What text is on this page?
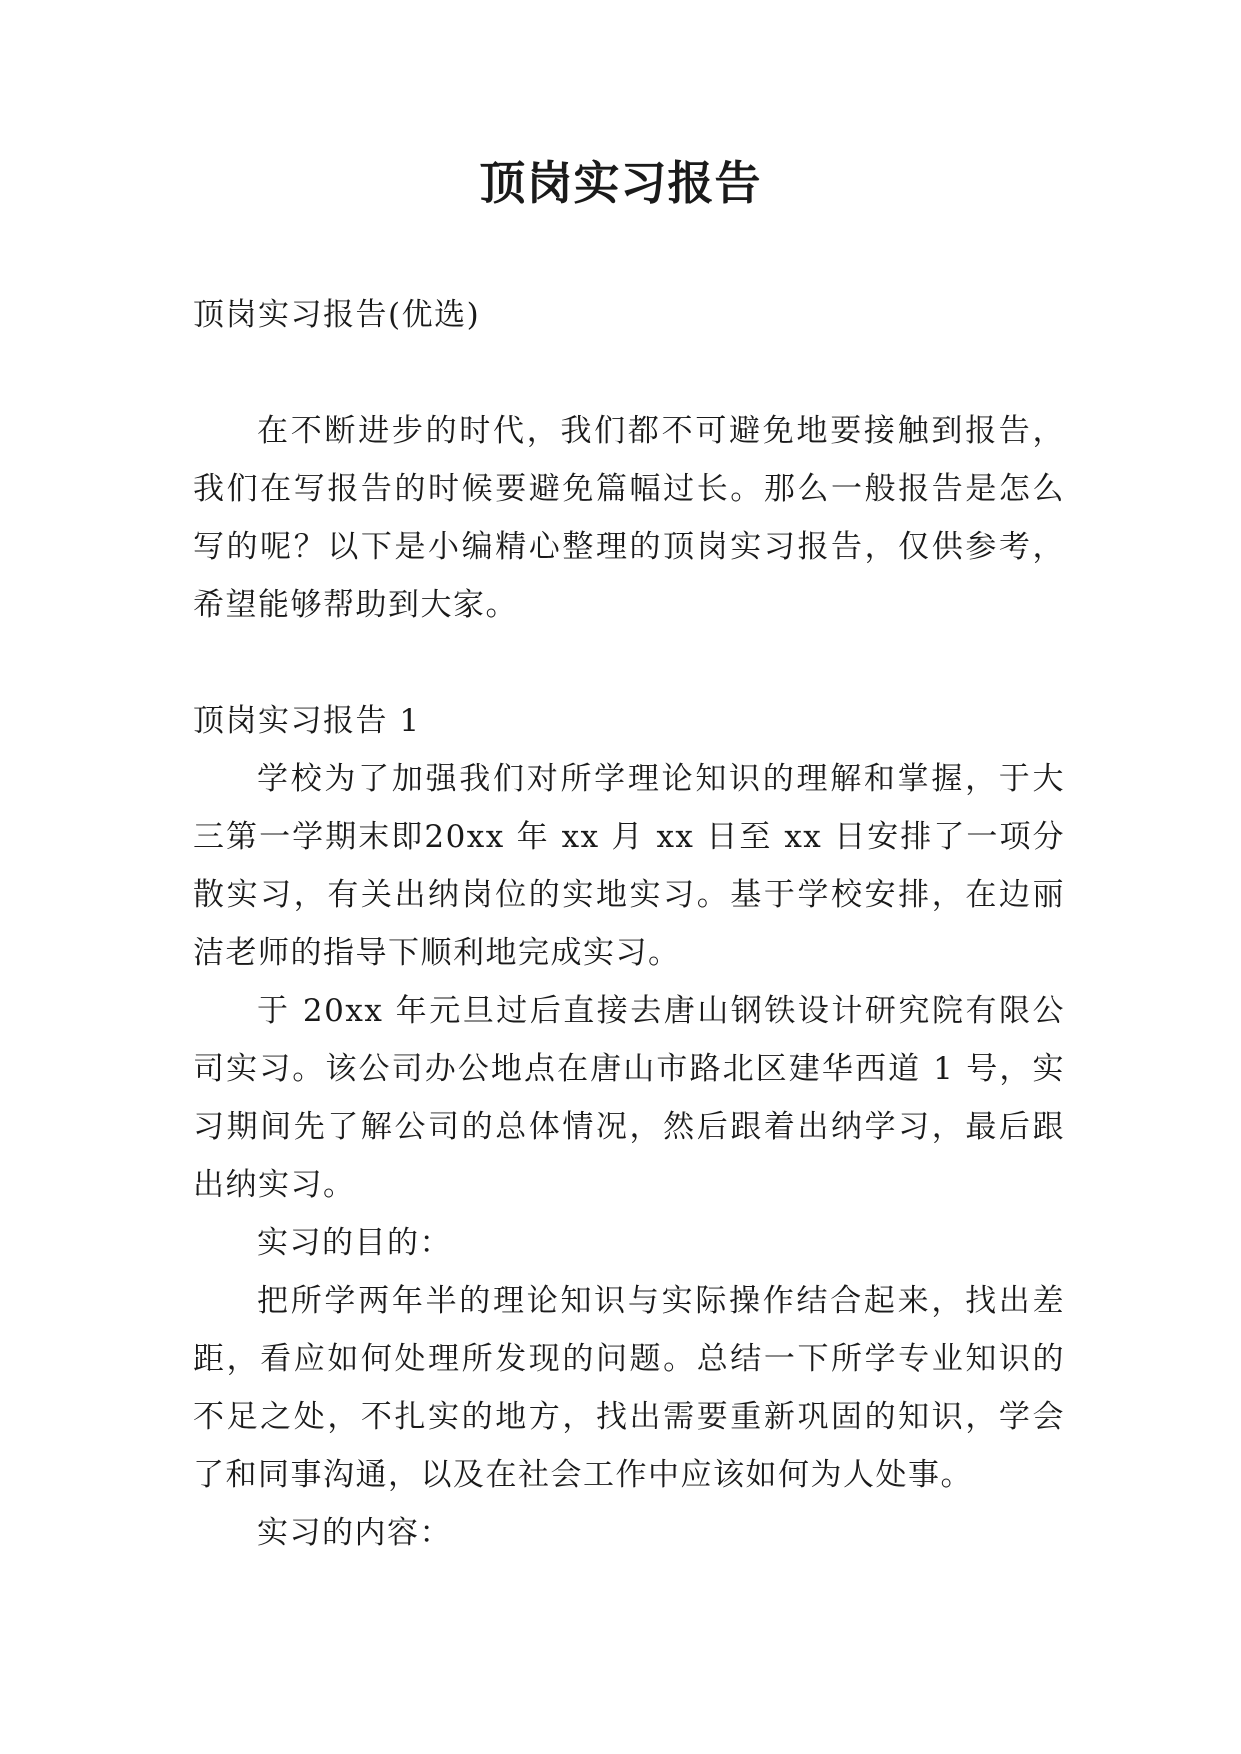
顶岗实习报告

顶岗实习报告(优选)

在不断进步的时代，我们都不可避免地要接触到报告，我们在写报告的时候要避免篇幅过长。那么一般报告是怎么写的呢？以下是小编精心整理的顶岗实习报告，仅供参考，希望能够帮助到大家。

顶岗实习报告 1

学校为了加强我们对所学理论知识的理解和掌握，于大三第一学期末即20xx 年 xx 月 xx 日至 xx 日安排了一项分散实习，有关出纳岗位的实地实习。基于学校安排，在边丽洁老师的指导下顺利地完成实习。

于 20xx 年元旦过后直接去唐山钢铁设计研究院有限公司实习。该公司办公地点在唐山市路北区建华西道 1 号，实习期间先了解公司的总体情况，然后跟着出纳学习，最后跟出纳实习。

实习的目的：

把所学两年半的理论知识与实际操作结合起来，找出差距，看应如何处理所发现的问题。总结一下所学专业知识的不足之处，不扎实的地方，找出需要重新巩固的知识，学会了和同事沟通，以及在社会工作中应该如何为人处事。

实习的内容：
